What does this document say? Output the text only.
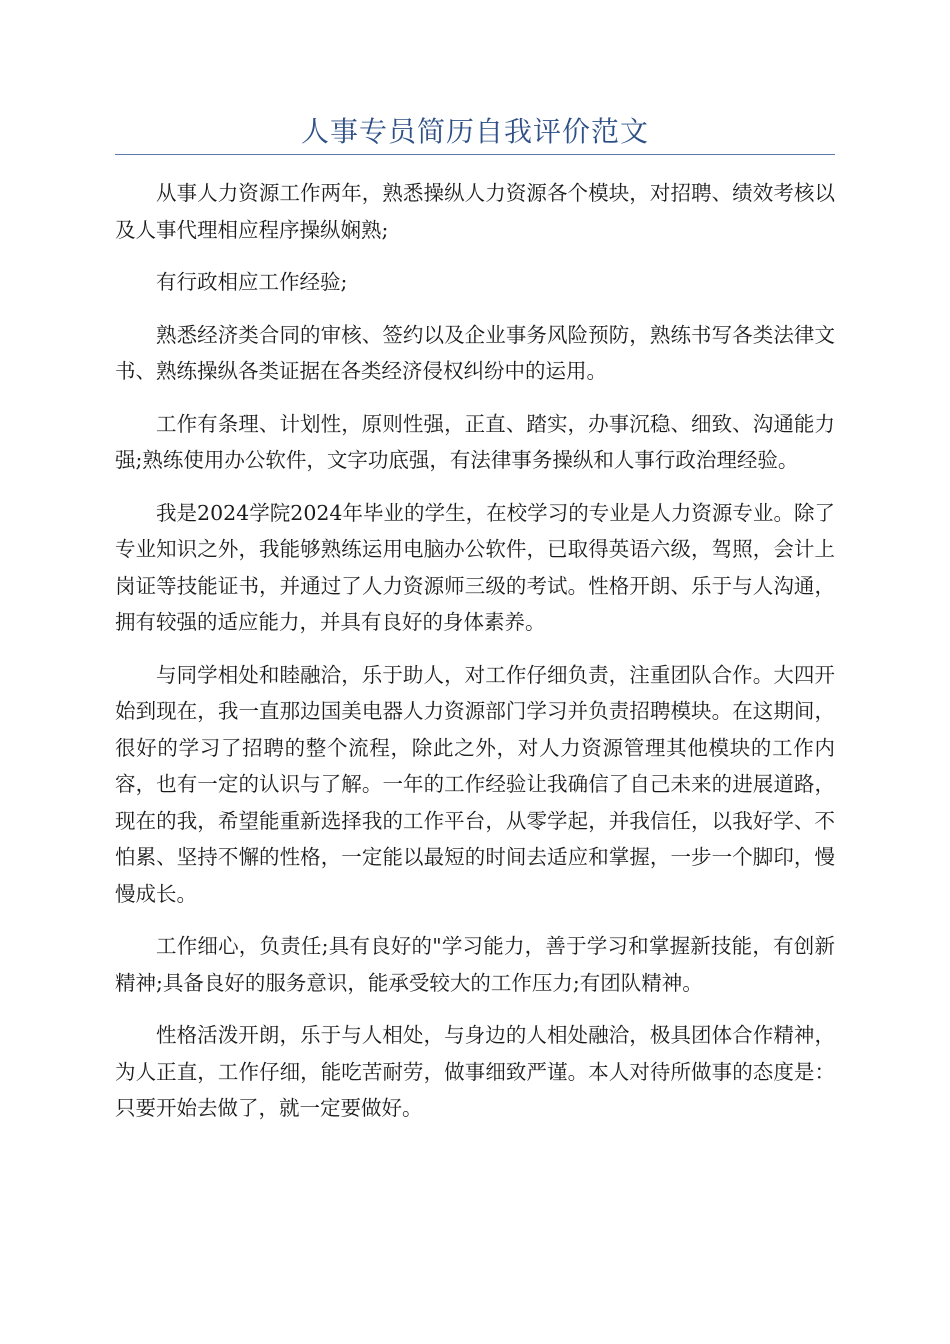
人事专员简历自我评价范文

从事人力资源工作两年，熟悉操纵人力资源各个模块，对招聘、绩效考核以及人事代理相应程序操纵娴熟;

有行政相应工作经验;

熟悉经济类合同的审核、签约以及企业事务风险预防，熟练书写各类法律文书、熟练操纵各类证据在各类经济侵权纠纷中的运用。

工作有条理、计划性，原则性强，正直、踏实，办事沉稳、细致、沟通能力强;熟练使用办公软件，文字功底强，有法律事务操纵和人事行政治理经验。

我是2024学院2024年毕业的学生，在校学习的专业是人力资源专业。除了专业知识之外，我能够熟练运用电脑办公软件，已取得英语六级，驾照，会计上岗证等技能证书，并通过了人力资源师三级的考试。性格开朗、乐于与人沟通，拥有较强的适应能力，并具有良好的身体素养。

与同学相处和睦融洽，乐于助人，对工作仔细负责，注重团队合作。大四开始到现在，我一直那边国美电器人力资源部门学习并负责招聘模块。在这期间，很好的学习了招聘的整个流程，除此之外，对人力资源管理其他模块的工作内容，也有一定的认识与了解。一年的工作经验让我确信了自己未来的进展道路，现在的我，希望能重新选择我的工作平台，从零学起，并我信任，以我好学、不怕累、坚持不懈的性格，一定能以最短的时间去适应和掌握，一步一个脚印，慢慢成长。

工作细心，负责任;具有良好的"学习能力，善于学习和掌握新技能，有创新精神;具备良好的服务意识，能承受较大的工作压力;有团队精神。

性格活泼开朗，乐于与人相处，与身边的人相处融洽，极具团体合作精神，为人正直，工作仔细，能吃苦耐劳，做事细致严谨。本人对待所做事的态度是：只要开始去做了，就一定要做好。
